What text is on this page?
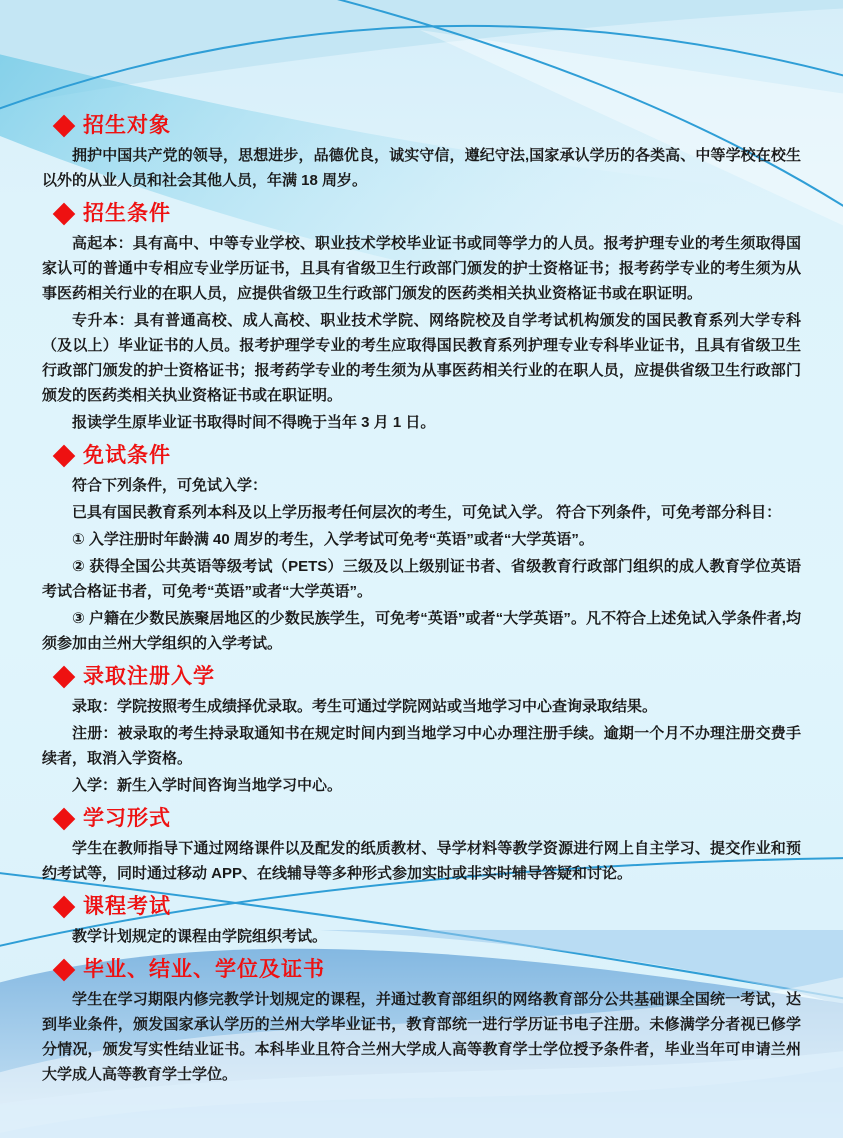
招生对象

拥护中国共产党的领导，思想进步，品德优良，诚实守信，遵纪守法,国家承认学历的各类高、中等学校在校生以外的从业人员和社会其他人员，年满 18 周岁。

招生条件

高起本：具有高中、中等专业学校、职业技术学校毕业证书或同等学力的人员。报考护理专业的考生须取得国家认可的普通中专相应专业学历证书，且具有省级卫生行政部门颁发的护士资格证书；报考药学专业的考生须为从事医药相关行业的在职人员，应提供省级卫生行政部门颁发的医药类相关执业资格证书或在职证明。

专升本：具有普通高校、成人高校、职业技术学院、网络院校及自学考试机构颁发的国民教育系列大学专科（及以上）毕业证书的人员。报考护理学专业的考生应取得国民教育系列护理专业专科毕业证书，且具有省级卫生行政部门颁发的护士资格证书；报考药学专业的考生须为从事医药相关行业的在职人员，应提供省级卫生行政部门颁发的医药类相关执业资格证书或在职证明。

报读学生原毕业证书取得时间不得晚于当年 3 月 1 日。

免试条件

符合下列条件，可免试入学：

已具有国民教育系列本科及以上学历报考任何层次的考生，可免试入学。 符合下列条件，可免考部分科目：

① 入学注册时年龄满 40 周岁的考生，入学考试可免考“英语”或者“大学英语”。

② 获得全国公共英语等级考试（PETS）三级及以上级别证书者、省级教育行政部门组织的成人教育学位英语考试合格证书者，可免考“英语”或者“大学英语”。

③ 户籍在少数民族聚居地区的少数民族学生，可免考“英语”或者“大学英语”。凡不符合上述免试入学条件者,均须参加由兰州大学组织的入学考试。

录取注册入学

录取：学院按照考生成绩择优录取。考生可通过学院网站或当地学习中心查询录取结果。

注册：被录取的考生持录取通知书在规定时间内到当地学习中心办理注册手续。逾期一个月不办理注册交费手续者，取消入学资格。

入学：新生入学时间咨询当地学习中心。

学习形式

学生在教师指导下通过网络课件以及配发的纸质教材、导学材料等教学资源进行网上自主学习、提交作业和预约考试等，同时通过移动 APP、在线辅导等多种形式参加实时或非实时辅导答疑和讨论。

课程考试

教学计划规定的课程由学院组织考试。

毕业、结业、学位及证书

学生在学习期限内修完教学计划规定的课程，并通过教育部组织的网络教育部分公共基础课全国统一考试，达到毕业条件，颁发国家承认学历的兰州大学毕业证书，教育部统一进行学历证书电子注册。未修满学分者视已修学分情况，颁发写实性结业证书。本科毕业且符合兰州大学成人高等教育学士学位授予条件者，毕业当年可申请兰州大学成人高等教育学士学位。
